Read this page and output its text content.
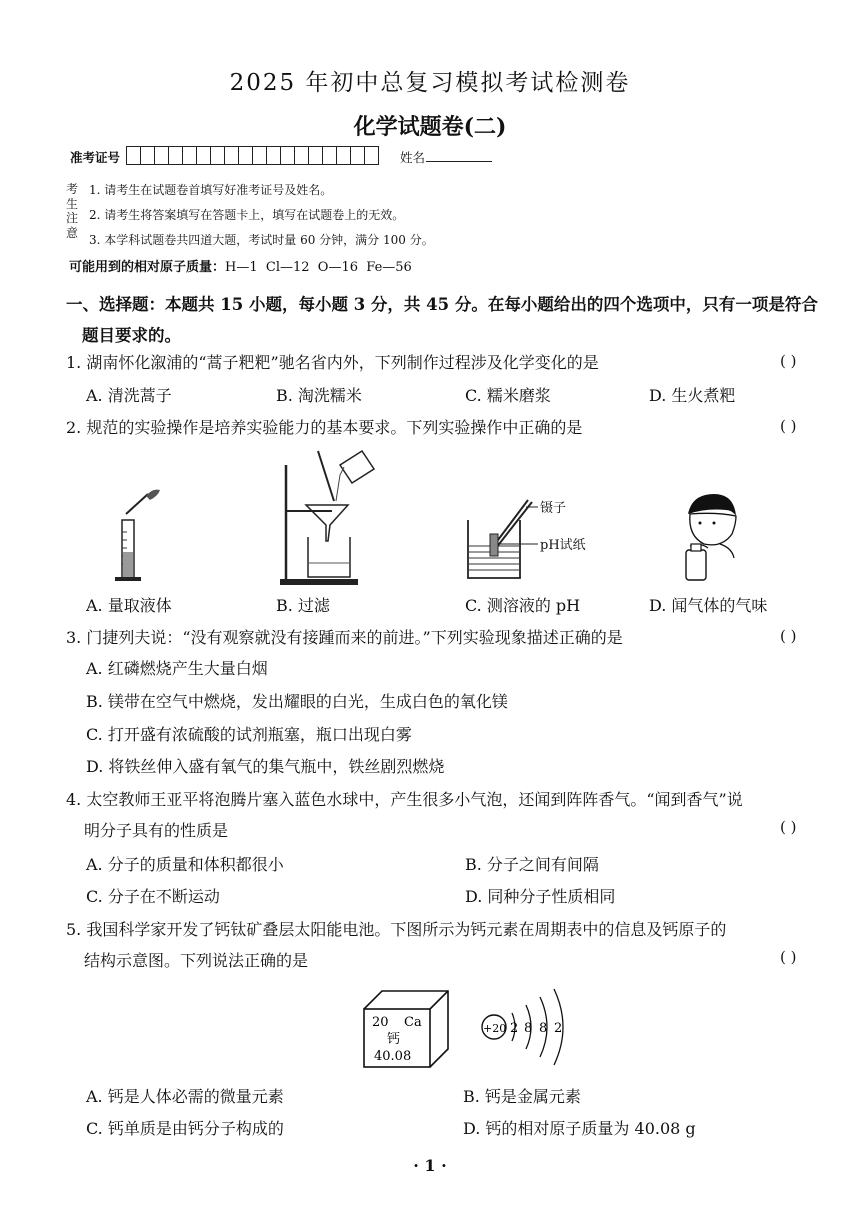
2025 年初中总复习模拟考试检测卷
化学试题卷(二)
准考证号	姓名
考生注意
1. 请考生在试题卷首填写好准考证号及姓名。
2. 请考生将答案填写在答题卡上，填写在试题卷上的无效。
3. 本学科试题卷共四道大题，考试时量 60 分钟，满分 100 分。
可能用到的相对原子质量：H—1  Cl—12  O—16  Fe—56
一、选择题：本题共 15 小题，每小题 3 分，共 45 分。在每小题给出的四个选项中，只有一项是符合
题目要求的。
1. 湖南怀化溆浦的“蒿子粑粑”驰名省内外，下列制作过程涉及化学变化的是	( )
A. 清洗蒿子	B. 淘洗糯米	C. 糯米磨浆	D. 生火煮粑
2. 规范的实验操作是培养实验能力的基本要求。下列实验操作中正确的是	( )
镊子
pH试纸
A. 量取液体	B. 过滤	C. 测溶液的 pH	D. 闻气体的气味
3. 门捷列夫说：“没有观察就没有接踵而来的前进。”下列实验现象描述正确的是	( )
A. 红磷燃烧产生大量白烟
B. 镁带在空气中燃烧，发出耀眼的白光，生成白色的氧化镁
C. 打开盛有浓硫酸的试剂瓶塞，瓶口出现白雾
D. 将铁丝伸入盛有氧气的集气瓶中，铁丝剧烈燃烧
4. 太空教师王亚平将泡腾片塞入蓝色水球中，产生很多小气泡，还闻到阵阵香气。“闻到香气”说
明分子具有的性质是	( )
A. 分子的质量和体积都很小	B. 分子之间有间隔
C. 分子在不断运动	D. 同种分子性质相同
5. 我国科学家开发了钙钛矿叠层太阳能电池。下图所示为钙元素在周期表中的信息及钙原子的
结构示意图。下列说法正确的是	( )
20 Ca
钙
40.08
+20 2 8 8 2
A. 钙是人体必需的微量元素	B. 钙是金属元素
C. 钙单质是由钙分子构成的	D. 钙的相对原子质量为 40.08 g
· 1 ·
